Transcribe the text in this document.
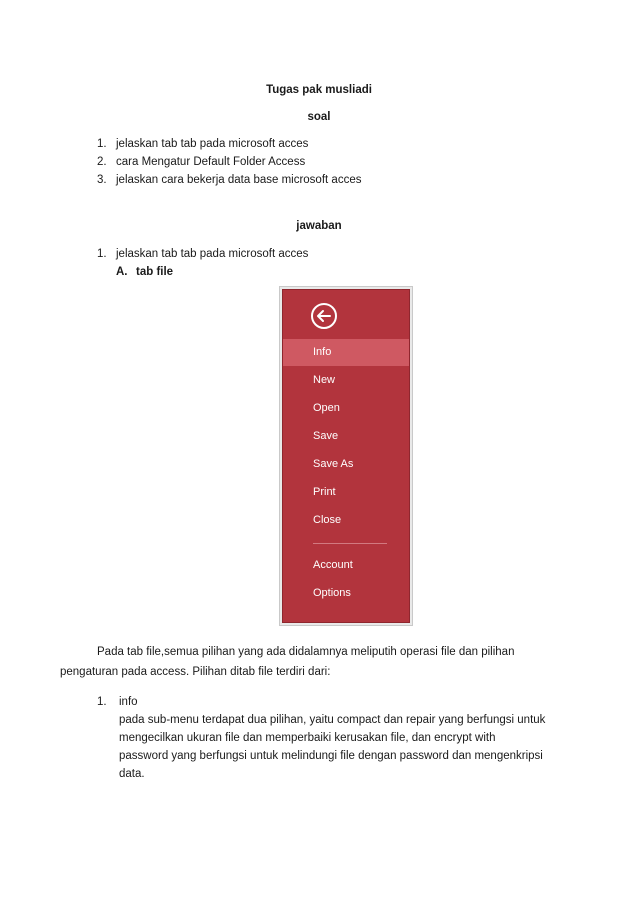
Tugas pak musliadi
soal
1. jelaskan tab tab pada microsoft acces
2. cara Mengatur Default Folder Access
3. jelaskan cara bekerja data base microsoft acces
jawaban
1. jelaskan tab tab pada microsoft acces
A. tab file
Info
New
Open
Save
Save As
Print
Close
Account
Options
Pada tab file,semua pilihan yang ada didalamnya meliputih operasi file dan pilihan
pengaturan pada access. Pilihan ditab file terdiri dari:
1. info
pada sub-menu terdapat dua pilihan, yaitu compact dan repair yang berfungsi untuk
mengecilkan ukuran file dan memperbaiki kerusakan file, dan encrypt with
password yang berfungsi untuk melindungi file dengan password dan mengenkripsi
data.
